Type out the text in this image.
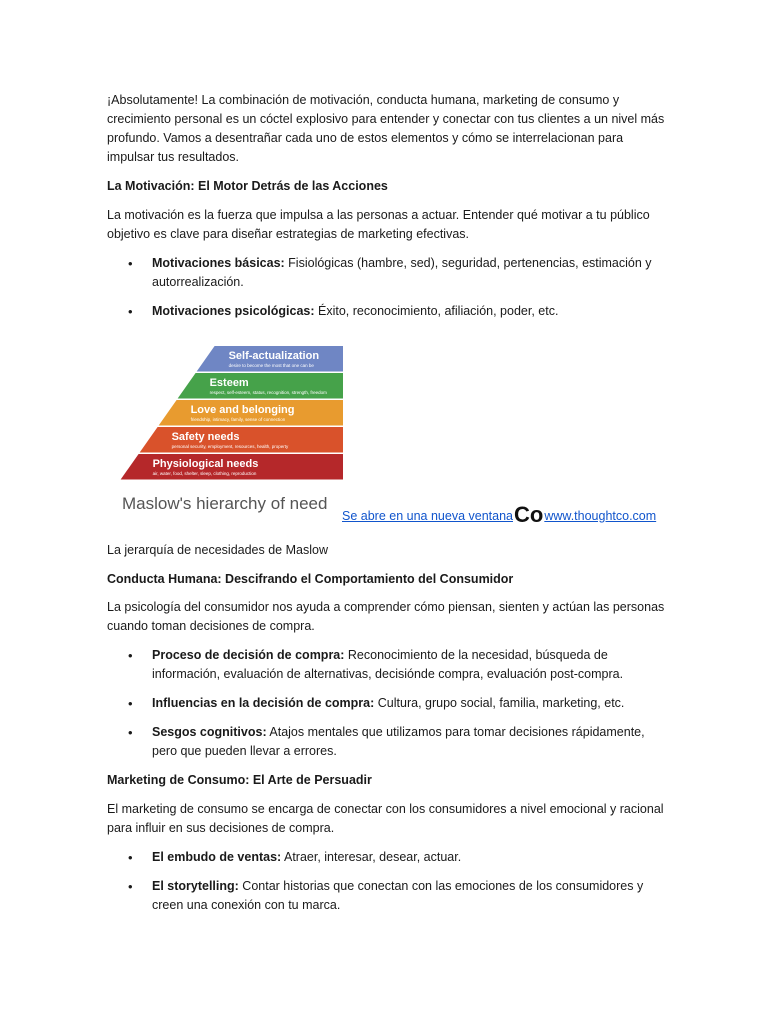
¡Absolutamente! La combinación de motivación, conducta humana, marketing de consumo y crecimiento personal es un cóctel explosivo para entender y conectar con tus clientes a un nivel más profundo. Vamos a desentrañar cada uno de estos elementos y cómo se interrelacionan para impulsar tus resultados.

La Motivación: El Motor Detrás de las Acciones

La motivación es la fuerza que impulsa a las personas a actuar. Entender qué motivar a tu público objetivo es clave para diseñar estrategias de marketing efectivas.

• Motivaciones básicas: Fisiológicas (hambre, sed), seguridad, pertenencias, estimación y autorrealización.

• Motivaciones psicológicas: Éxito, reconocimiento, afiliación, poder, etc.

Self-actualization
desire to become the most that one can be
Esteem
respect, self-esteem, status, recognition, strength, freedom
Love and belonging
friendship, intimacy, family, sense of connection
Safety needs
personal security, employment, resources, health, property
Physiological needs
air, water, food, shelter, sleep, clothing, reproduction
Maslow's hierarchy of need
Se abre en una nueva ventanaCowww.thoughtco.com

La jerarquía de necesidades de Maslow

Conducta Humana: Descifrando el Comportamiento del Consumidor

La psicología del consumidor nos ayuda a comprender cómo piensan, sienten y actúan las personas cuando toman decisiones de compra.

• Proceso de decisión de compra: Reconocimiento de la necesidad, búsqueda de información, evaluación de alternativas, decisiónde compra, evaluación post-compra.

• Influencias en la decisión de compra: Cultura, grupo social, familia, marketing, etc.

• Sesgos cognitivos: Atajos mentales que utilizamos para tomar decisiones rápidamente, pero que pueden llevar a errores.

Marketing de Consumo: El Arte de Persuadir

El marketing de consumo se encarga de conectar con los consumidores a nivel emocional y racional para influir en sus decisiones de compra.

• El embudo de ventas: Atraer, interesar, desear, actuar.

• El storytelling: Contar historias que conectan con las emociones de los consumidores y creen una conexión con tu marca.
